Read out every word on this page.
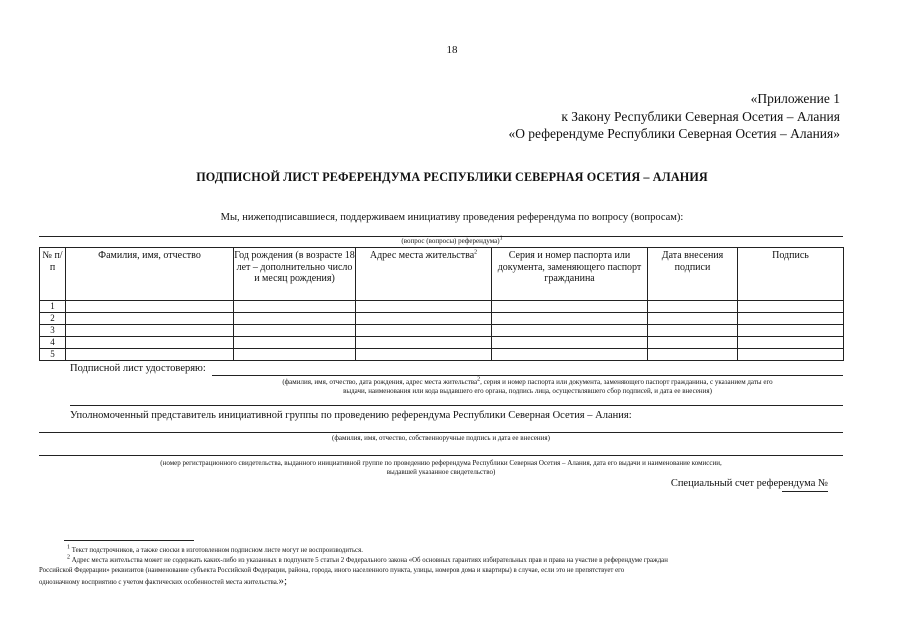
18
«Приложение 1
к Закону Республики Северная Осетия – Алания
«О референдуме Республики Северная Осетия – Алания»
ПОДПИСНОЙ ЛИСТ РЕФЕРЕНДУМА РЕСПУБЛИКИ СЕВЕРНАЯ ОСЕТИЯ – АЛАНИЯ
Мы, нижеподписавшиеся, поддерживаем инициативу проведения референдума по вопросу (вопросам):
(вопрос (вопросы) референдума)$^1$
№ п/п	Фамилия, имя, отчество	Год рождения (в возрасте 18 лет – дополнительно число и месяц рождения)	Адрес места жительства$^2$	Серия и номер паспорта или документа, заменяющего паспорт гражданина	Дата внесения подписи	Подпись
1						
2						
3						
4						
5						
Подписной лист удостоверяю:
(фамилия, имя, отчество, дата рождения, адрес места жительства$^2$, серия и номер паспорта или документа, заменяющего паспорт гражданина, с указанием даты его
выдачи, наименования или кода выдавшего его органа, подпись лица, осуществлявшего сбор подписей, и дата ее внесения)
Уполномоченный представитель инициативной группы по проведению референдума Республики Северная Осетия – Алания:
(фамилия, имя, отчество, собственноручные подпись и дата ее внесения)
(номер регистрационного свидетельства, выданного инициативной группе по проведению референдума Республики Северная Осетия – Алания, дата его выдачи и наименование комиссии,
выдавшей указанное свидетельство)
Специальный счет референдума №
$^1$ Текст подстрочников, а также сноски в изготовленном подписном листе могут не воспроизводиться.
$^2$ Адрес места жительства может не содержать каких-либо из указанных в подпункте 5 статьи 2 Федерального закона «Об основных гарантиях избирательных прав и права на участие в референдуме граждан
Российской Федерации» реквизитов (наименование субъекта Российской Федерации, района, города, иного населенного пункта, улицы, номеров дома и квартиры) в случае, если это не препятствует его
однозначному восприятию с учетом фактических особенностей места жительства.»;
